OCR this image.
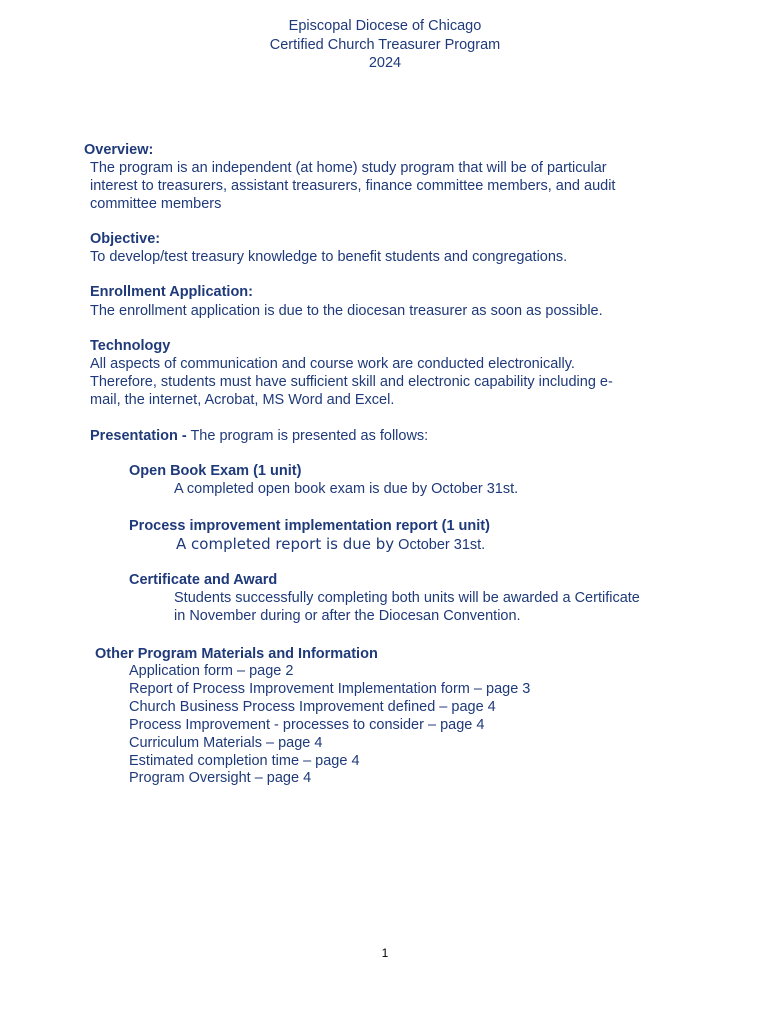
Episcopal Diocese of Chicago
Certified Church Treasurer Program
2024
Overview:
The program is an independent (at home) study program that will be of particular
interest to treasurers, assistant treasurers, finance committee members, and audit
committee members
Objective:
To develop/test treasury knowledge to benefit students and congregations.
Enrollment Application:
The enrollment application is due to the diocesan treasurer as soon as possible.
Technology
All aspects of communication and course work are conducted electronically.
Therefore, students must have sufficient skill and electronic capability including e-
mail, the internet, Acrobat, MS Word and Excel.
Presentation - The program is presented as follows:
Open Book Exam (1 unit)
A completed open book exam is due by October 31st.
Process improvement implementation report (1 unit)
A completed report is due by October 31st.
Certificate and Award
Students successfully completing both units will be awarded a Certificate
in November during or after the Diocesan Convention.
Other Program Materials and Information
Application form – page 2
Report of Process Improvement Implementation form – page 3
Church Business Process Improvement defined – page 4
Process Improvement - processes to consider – page 4
Curriculum Materials – page 4
Estimated completion time – page 4
Program Oversight – page 4
1
